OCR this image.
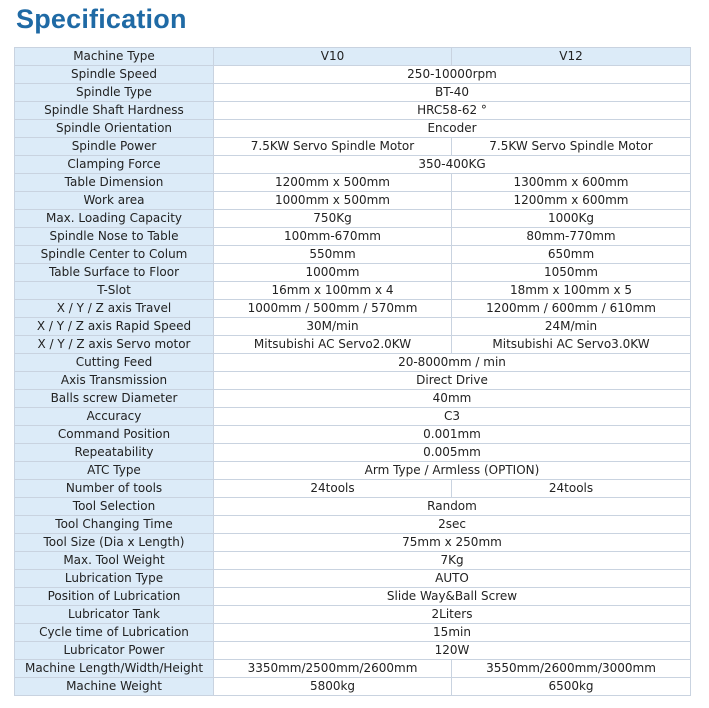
Specification
Machine Type	V10	V12
Spindle Speed	250-10000rpm	
Spindle Type	BT-40	
Spindle Shaft Hardness	HRC58-62 °	
Spindle Orientation	Encoder	
Spindle Power	7.5KW Servo Spindle Motor	7.5KW Servo Spindle Motor
Clamping Force	350-400KG	
Table Dimension	1200mm x 500mm	1300mm x 600mm
Work area	1000mm x 500mm	1200mm x 600mm
Max. Loading Capacity	750Kg	1000Kg
Spindle Nose to Table	100mm-670mm	80mm-770mm
Spindle Center to Colum	550mm	650mm
Table Surface to Floor	1000mm	1050mm
T-Slot	16mm x 100mm x 4	18mm x 100mm x 5
X / Y / Z axis Travel	1000mm / 500mm / 570mm	1200mm / 600mm / 610mm
X / Y / Z axis Rapid Speed	30M/min	24M/min
X / Y / Z axis Servo motor	Mitsubishi AC Servo2.0KW	Mitsubishi AC Servo3.0KW
Cutting Feed	20-8000mm / min	
Axis Transmission	Direct Drive	
Balls screw Diameter	40mm	
Accuracy	C3	
Command Position	0.001mm	
Repeatability	0.005mm	
ATC Type	Arm Type / Armless (OPTION)	
Number of tools	24tools	24tools
Tool Selection	Random	
Tool Changing Time	2sec	
Tool Size (Dia x Length)	75mm x 250mm	
Max. Tool Weight	7Kg	
Lubrication Type	AUTO	
Position of Lubrication	Slide Way&Ball Screw	
Lubricator Tank	2Liters	
Cycle time of Lubrication	15min	
Lubricator Power	120W	
Machine Length/Width/Height	3350mm/2500mm/2600mm	3550mm/2600mm/3000mm
Machine Weight	5800kg	6500kg
